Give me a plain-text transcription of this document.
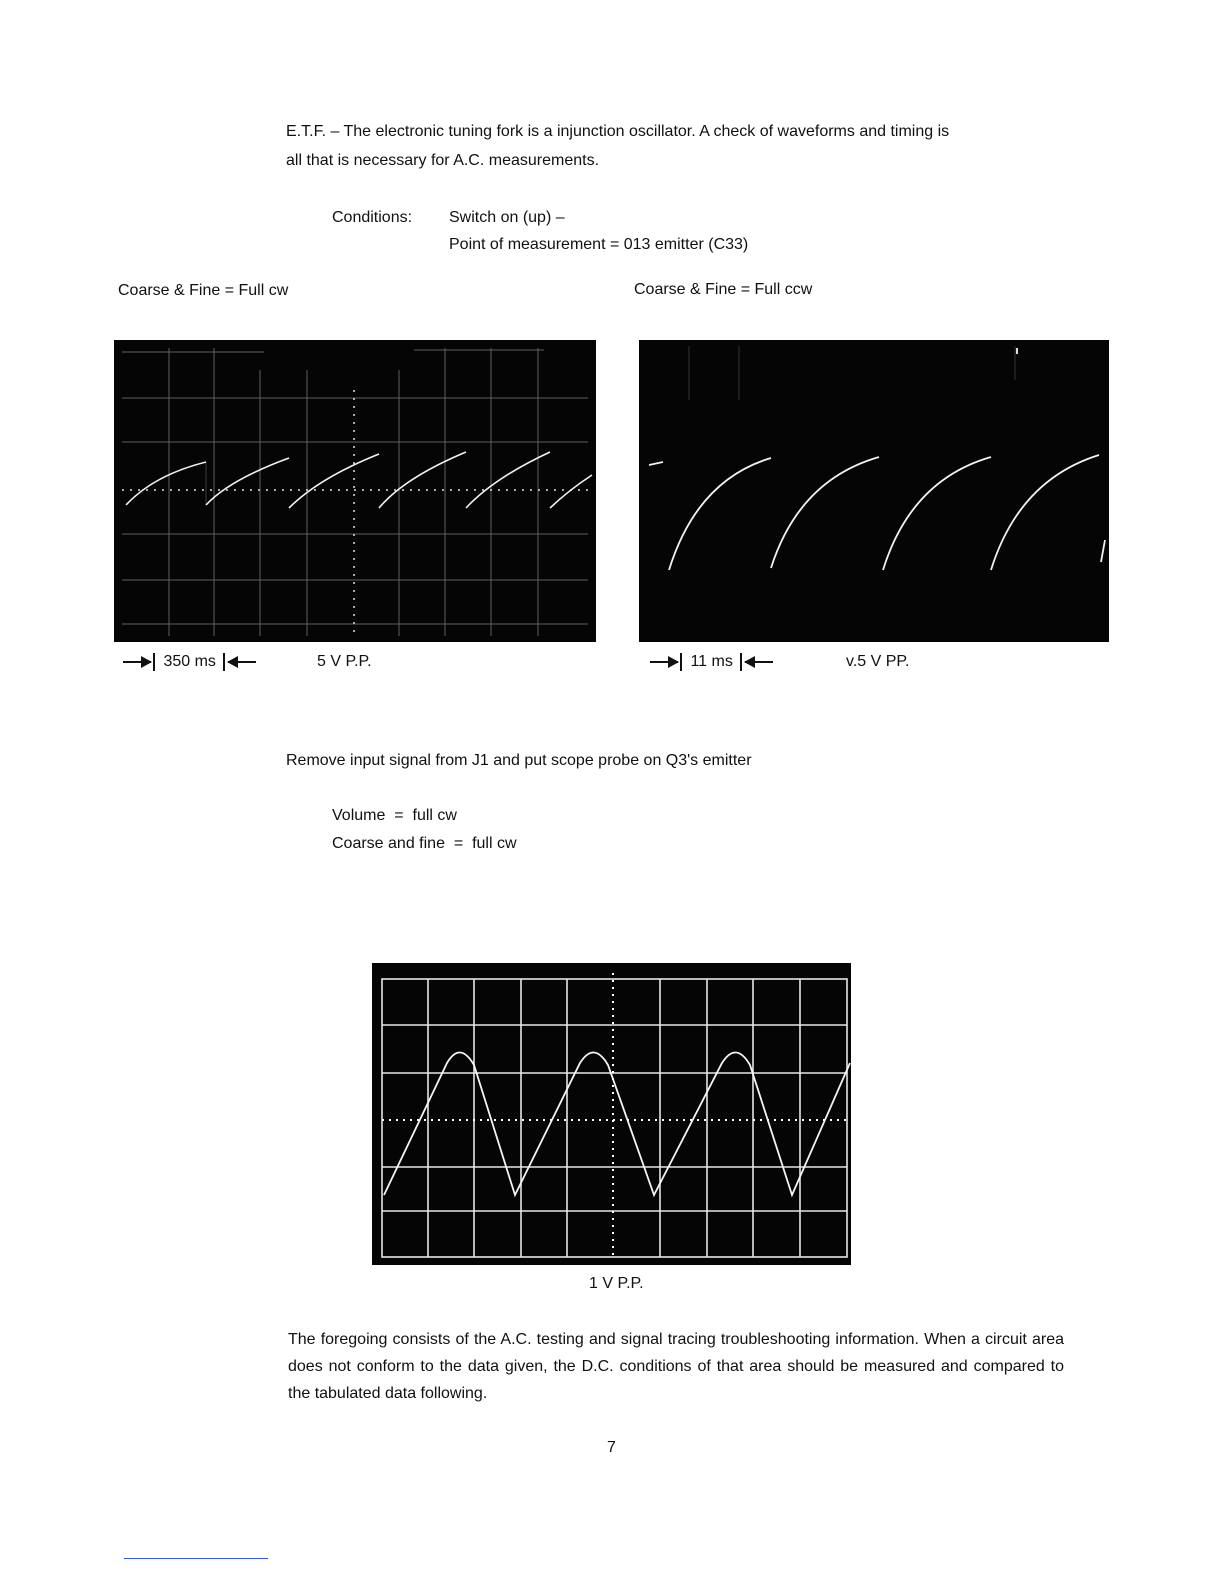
E.T.F. – The electronic tuning fork is a injunction oscillator. A check of waveforms and timing is
all that is necessary for A.C. measurements.
Conditions: Switch on (up) –
Point of measurement = 013 emitter (C33)
Coarse & Fine = Full cw	Coarse & Fine = Full ccw
350 ms	5 V P.P.	11 ms	v.5 V PP.
Remove input signal from J1 and put scope probe on Q3's emitter
Volume  =  full cw
Coarse and fine  =  full cw
1 V P.P.
The foregoing consists of the A.C. testing and signal tracing troubleshooting information. When a circuit area does not conform to the data given, the D.C. conditions of that area should be measured and compared to the tabulated data following.
7
